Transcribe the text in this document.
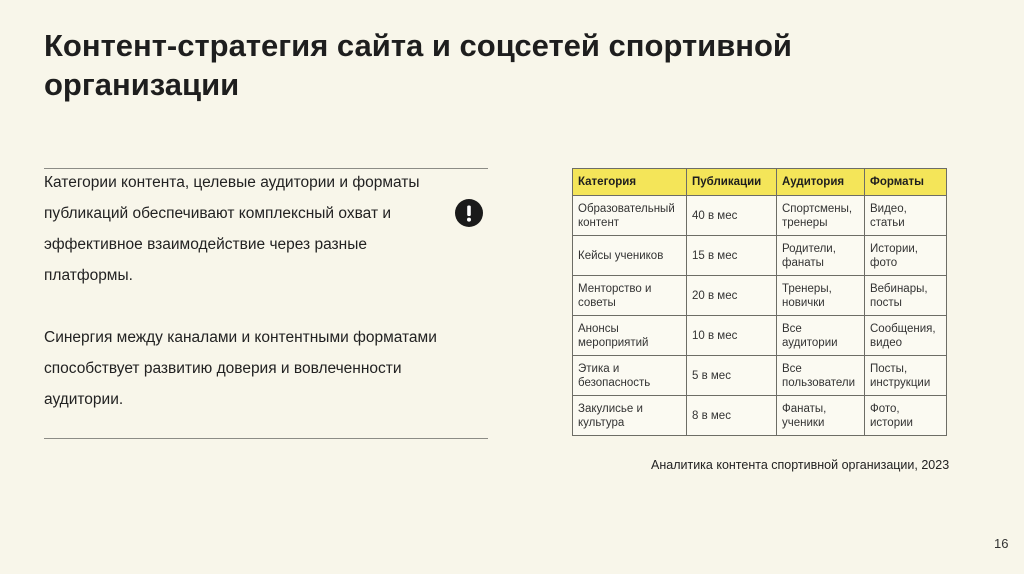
Контент-стратегия сайта и соцсетей спортивной организации

Категории контента, целевые аудитории и форматы публикаций обеспечивают комплексный охват и эффективное взаимодействие через разные платформы.

Синергия между каналами и контентными форматами способствует развитию доверия и вовлеченности аудитории.

Категория	Публикации	Аудитория	Форматы
Образовательный контент	40 в мес	Спортсмены, тренеры	Видео, статьи
Кейсы учеников	15 в мес	Родители, фанаты	Истории, фото
Менторство и советы	20 в мес	Тренеры, новички	Вебинары, посты
Анонсы мероприятий	10 в мес	Все аудитории	Сообщения, видео
Этика и безопасность	5 в мес	Все пользователи	Посты, инструкции
Закулисье и культура	8 в мес	Фанаты, ученики	Фото, истории

Аналитика контента спортивной организации, 2023

16
